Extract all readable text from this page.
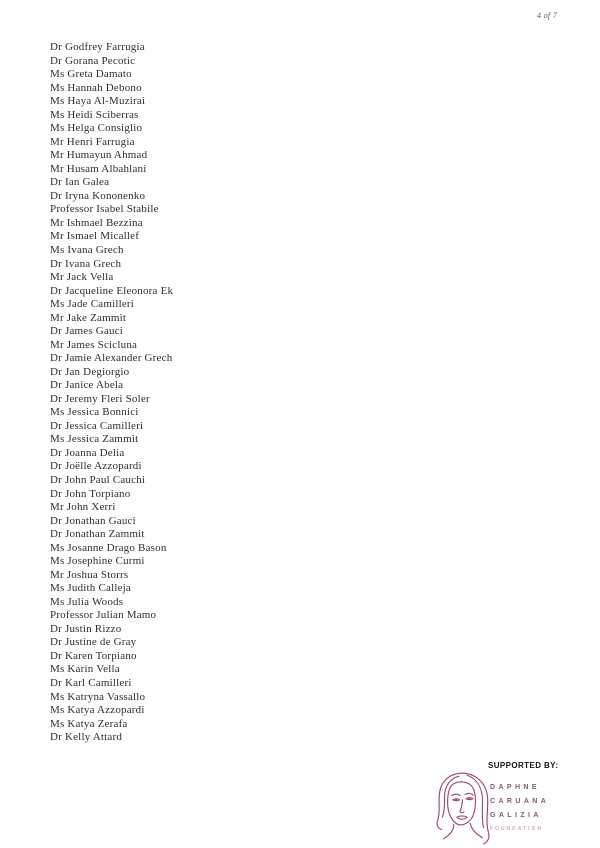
4 of 7
Dr Godfrey Farrugia
Dr Gorana Pecotic
Ms Greta Damato
Ms Hannah Debono
Ms Haya Al-Muzirai
Ms Heidi Sciberras
Ms Helga Consiglio
Mr Henri Farrugia
Mr Humayun Ahmad
Mr Husam Albahlani
Dr Ian Galea
Dr Iryna Kononenko
Professor Isabel Stabile
Mr Ishmael Bezzina
Mr Ismael Micallef
Ms Ivana Grech
Dr Ivana Grech
Mr Jack Vella
Dr Jacqueline Eleonora Ek
Ms Jade Camilleri
Mr Jake Zammit
Dr James Gauci
Mr James Scicluna
Dr Jamie Alexander Grech
Dr Jan Degiorgio
Dr Janice Abela
Dr Jeremy Fleri Soler
Ms Jessica Bonnici
Dr Jessica Camilleri
Ms Jessica Zammit
Dr Joanna Delia
Dr Joëlle Azzopardi
Dr John Paul Cauchi
Dr John Torpiano
Mr John Xerri
Dr Jonathan Gauci
Dr Jonathan Zammit
Ms Josanne Drago Bason
Ms Josephine Curmi
Mr Joshua Storrs
Ms Judith Calleja
Ms Julia Woods
Professor Julian Mamo
Dr Justin Rizzo
Dr Justine de Gray
Dr Karen Torpiano
Ms Karin Vella
Dr Karl Camilleri
Ms Katryna Vassallo
Ms Katya Azzopardi
Ms Katya Zerafa
Dr Kelly Attard
SUPPORTED BY:
DAPHNE
CARUANA
GALIZIA
FOUNDATION
